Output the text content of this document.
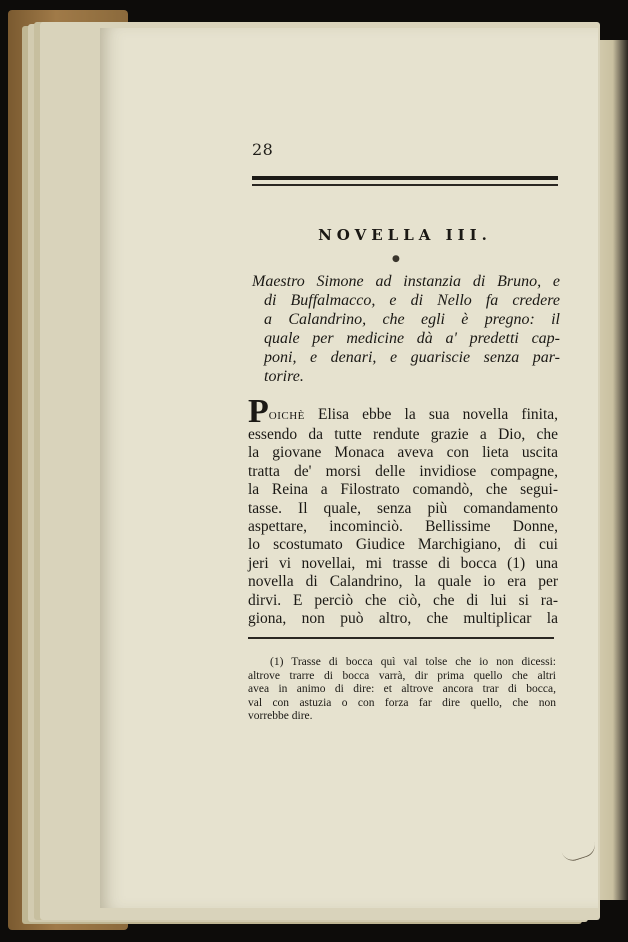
28
NOVELLA III.
●
Maestro Simone ad instanzia di Bruno, e
di Buffalmacco, e di Nello fa credere
a Calandrino, che egli è pregno: il
quale per medicine dà a' predetti cap-
poni, e denari, e guariscie senza par-
torire.
POICHÈ Elisa ebbe la sua novella finita,
essendo da tutte rendute grazie a Dio, che
la giovane Monaca aveva con lieta uscita
tratta de' morsi delle invidiose compagne,
la Reina a Filostrato comandò, che segui-
tasse. Il quale, senza più comandamento
aspettare, incominciò. Bellissime Donne,
lo scostumato Giudice Marchigiano, di cui
jeri vi novellai, mi trasse di bocca (1) una
novella di Calandrino, la quale io era per
dirvi. E perciò che ciò, che di lui si ra-
giona, non può altro, che multiplicar la
(1) Trasse di bocca quì val tolse che io non dicessi:
altrove trarre di bocca varrà, dir prima quello che altri
avea in animo di dire: et altrove ancora trar di bocca,
val con astuzia o con forza far dire quello, che non
vorrebbe dire.
